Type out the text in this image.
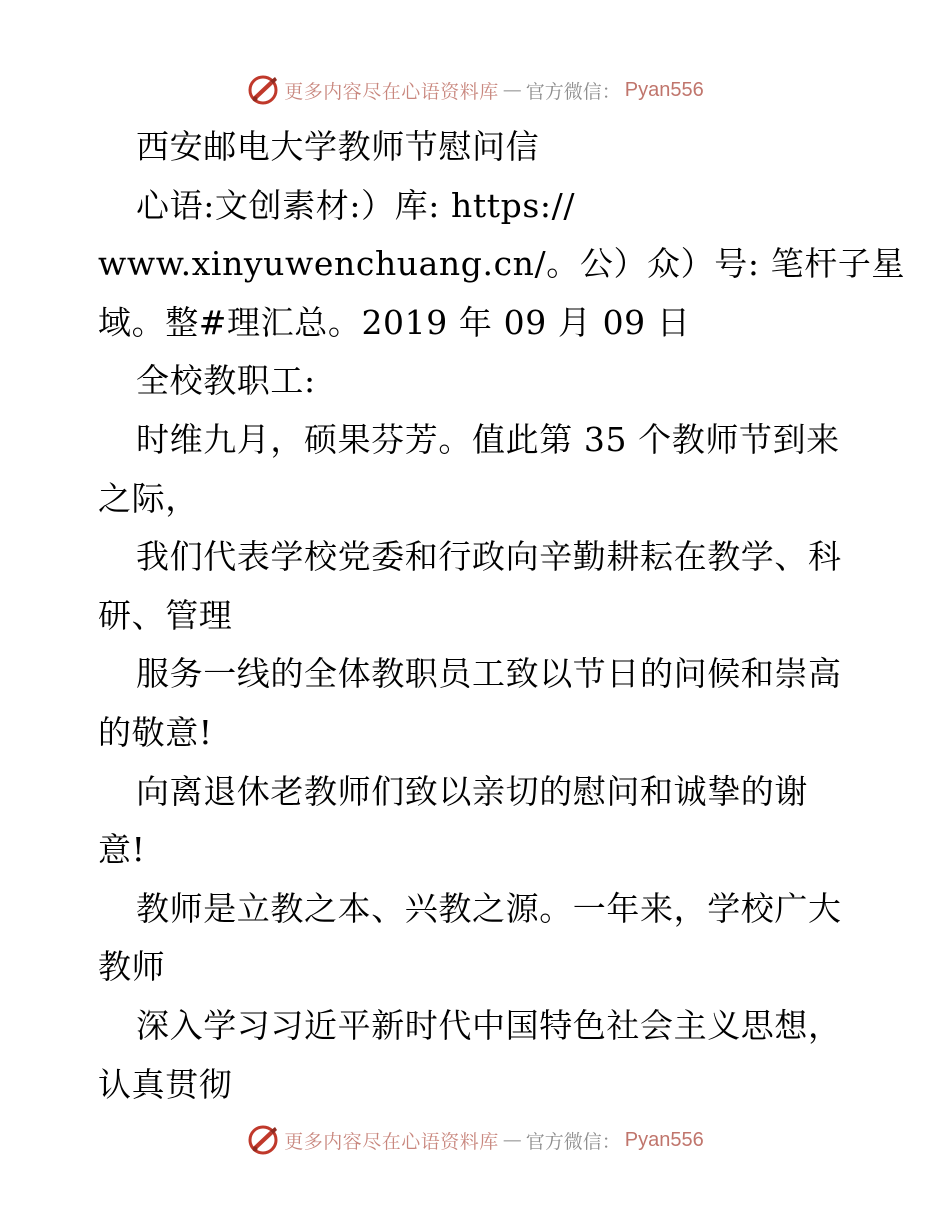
更多内容尽在心语资料库 — 官方微信： Pyan556
西安邮电大学教师节慰问信
心语:文创素材:）库: https://
www.xinyuwenchuang.cn/。公）众）号: 笔杆子星
域。整#理汇总。2019 年 09 月 09 日
全校教职工:
时维九月，硕果芬芳。值此第 35 个教师节到来
之际，
我们代表学校党委和行政向辛勤耕耘在教学、科
研、管理
服务一线的全体教职员工致以节日的问候和崇高
的敬意!
向离退休老教师们致以亲切的慰问和诚挚的谢
意!
教师是立教之本、兴教之源。一年来，学校广大
教师
深入学习习近平新时代中国特色社会主义思想，
认真贯彻
更多内容尽在心语资料库 — 官方微信： Pyan556
